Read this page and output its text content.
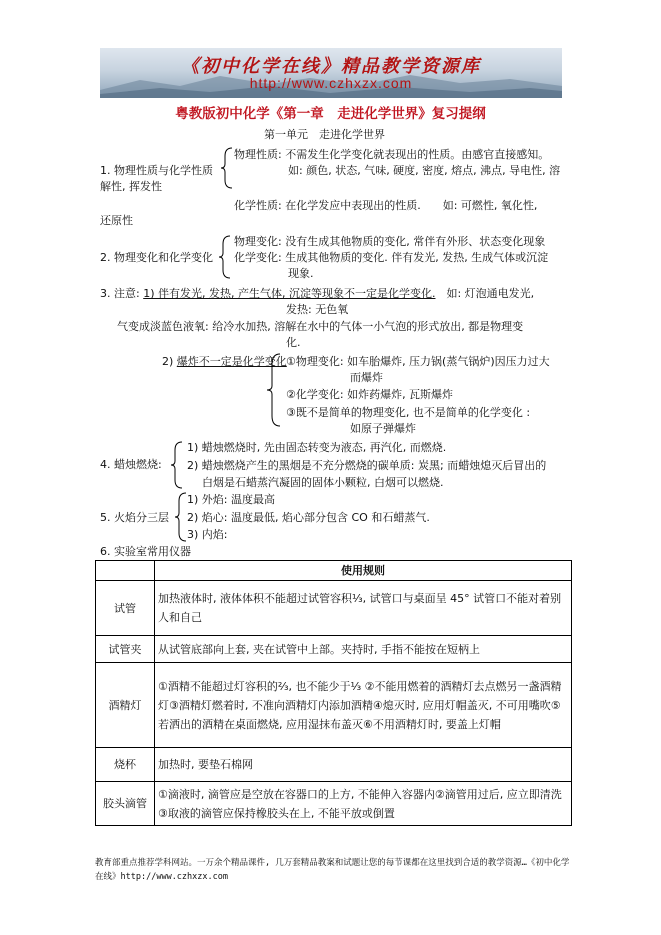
《初中化学在线》精品教学资源库
http://www.czhxzx.com
粤教版初中化学《第一章　走进化学世界》复习提纲
第一单元　走进化学世界
1. 物理性质与化学性质
解性, 挥发性
物理性质: 不需发生化学变化就表现出的性质。由感官直接感知。
如: 颜色, 状态, 气味, 硬度, 密度, 熔点, 沸点, 导电性, 溶
化学性质: 在化学发应中表现出的性质.　　如: 可燃性, 氧化性,
还原性
2. 物理变化和化学变化
物理变化: 没有生成其他物质的变化, 常伴有外形、状态变化现象
化学变化: 生成其他物质的变化. 伴有发光, 发热, 生成气体或沉淀
现象.
3. 注意: 1) 伴有发光, 发热, 产生气体, 沉淀等现象不一定是化学变化.　如: 灯泡通电发光,
发热: 无色氧
气变成淡蓝色液氧: 给冷水加热, 溶解在水中的气体一小气泡的形式放出, 都是物理变
化.
2) 爆炸不一定是化学变化 ①物理变化: 如车胎爆炸, 压力锅(蒸气锅炉)因压力过大
而爆炸
②化学变化: 如炸药爆炸, 瓦斯爆炸
③既不是简单的物理变化, 也不是简单的化学变化 :
如原子弹爆炸
4. 蜡烛燃烧:
1) 蜡烛燃烧时, 先由固态转变为液态, 再汽化, 而燃烧.
2) 蜡烛燃烧产生的黑烟是不充分燃烧的碳单质: 炭黑; 而蜡烛熄灭后冒出的
白烟是石蜡蒸汽凝固的固体小颗粒, 白烟可以燃烧.
5. 火焰分三层
1) 外焰: 温度最高
2) 焰心: 温度最低, 焰心部分包含 CO 和石蜡蒸气.
3) 内焰:
6. 实验室常用仪器
	使用规则
试管	加热液体时, 液体体积不能超过试管容积⅓, 试管口与桌面呈 45° 试管口不能对着别人和自己
试管夹	从试管底部向上套, 夹在试管中上部。夹持时, 手指不能按在短柄上
酒精灯	①酒精不能超过灯容积的⅔, 也不能少于⅓ ②不能用燃着的酒精灯去点燃另一盏酒精灯③酒精灯燃着时, 不准向酒精灯内添加酒精④熄灭时, 应用灯帽盖灭, 不可用嘴吹⑤若洒出的酒精在桌面燃烧, 应用湿抹布盖灭⑥不用酒精灯时, 要盖上灯帽
烧杯	加热时, 要垫石棉网
胶头滴管	①滴液时, 滴管应是空放在容器口的上方, 不能伸入容器内②滴管用过后, 应立即清洗③取液的滴管应保持橡胶头在上, 不能平放或倒置
教育部重点推荐学科网站。一万余个精品课件, 几万套精品教案和试题让您的每节课都在这里找到合适的教学资源…《初中化学在线》http://www.czhxzx.com
